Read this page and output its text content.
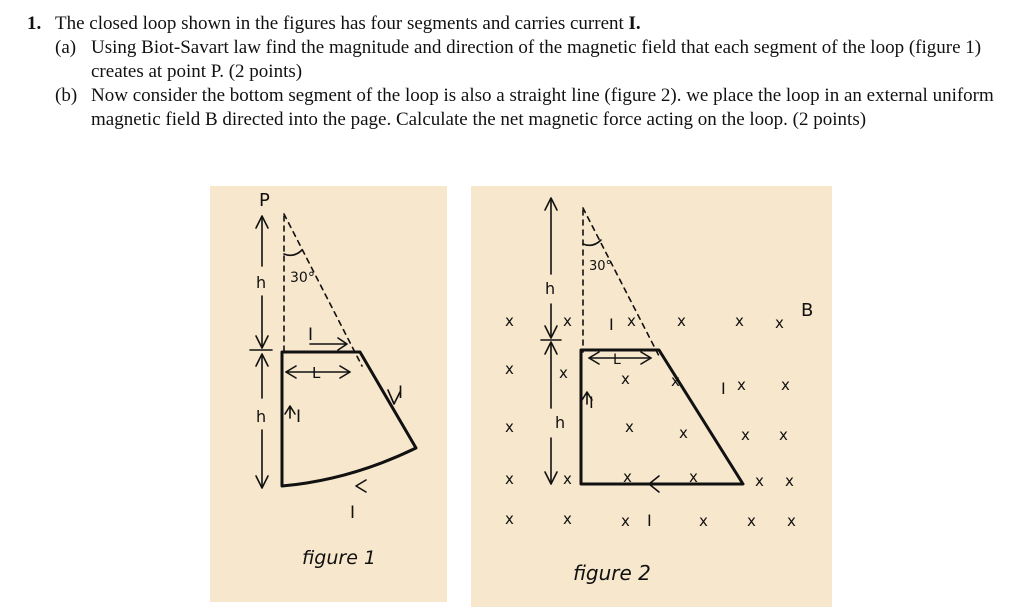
1. The closed loop shown in the figures has four segments and carries current I.
(a) Using Biot-Savart law find the magnitude and direction of the magnetic field that each segment of the loop (figure 1) creates at point P. (2 points)
(b) Now consider the bottom segment of the loop is also a straight line (figure 2). we place the loop in an external uniform magnetic field B directed into the page. Calculate the net magnetic force acting on the loop. (2 points)
P
30°
h
h
L
I
I
I
I
figure 1
30°
h
h
L
I
I
I
I
B
x	x	x	x	x x
x	x	x	x	x x
x	x	x	x x
x	x	x	x	x x
x	x	x	x	x x
figure 2
